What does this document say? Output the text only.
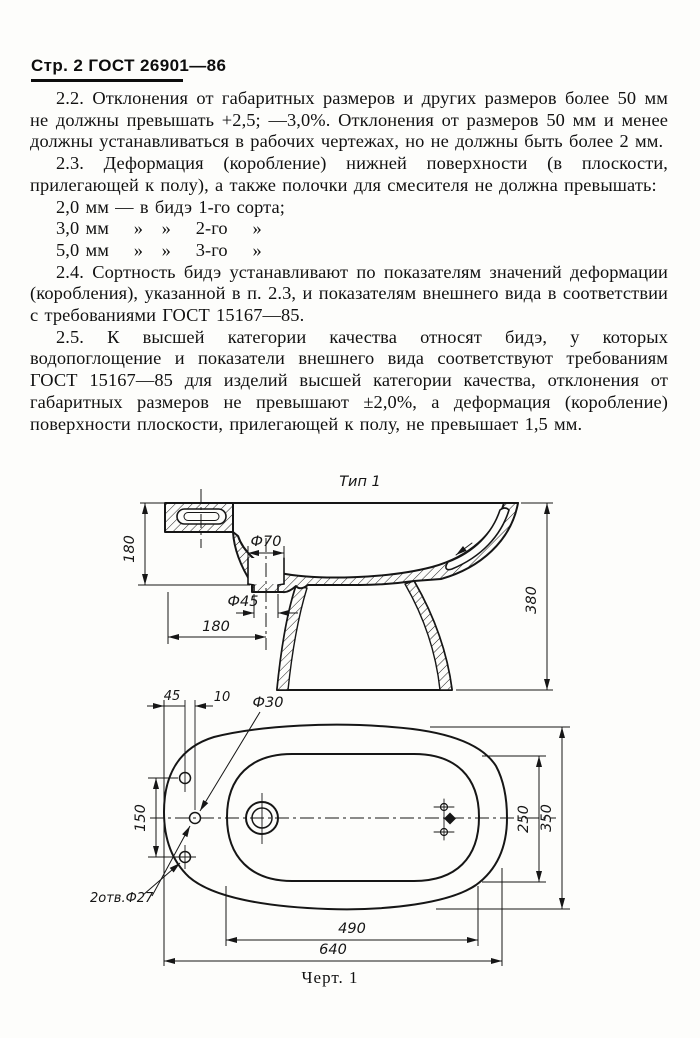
Стр. 2 ГОСТ 26901—86

2.2. Отклонения от габаритных размеров и других размеров более 50 мм не должны превышать +2,5; —3,0%. Отклонения от размеров 50 мм и менее должны устанавливаться в рабочих чертежах, но не должны быть более 2 мм.

2.3. Деформация (коробление) нижней поверхности (в плоскости, прилегающей к полу), а также полочки для смесителя не должна превышать:

2,0 мм — в бидэ 1-го сорта;
3,0 мм    »   »    2-го    »
5,0 мм    »   »    3-го    »

2.4. Сортность бидэ устанавливают по показателям значений деформации (коробления), указанной в п. 2.3, и показателям внешнего вида в соответствии с требованиями ГОСТ 15167—85.

2.5. К высшей категории качества относят бидэ, у которых водопоглощение и показатели внешнего вида соответствуют требованиям ГОСТ 15167—85 для изделий высшей категории качества, отклонения от габаритных размеров не превышают ±2,0%, а деформация (коробление) поверхности плоскости, прилегающей к полу, не превышает 1,5 мм.

Тип 1
180	Ф70
Ф45
180
380
45	10 Ф30
150
2отв.Ф27
250 350
490
640
Черт. 1
